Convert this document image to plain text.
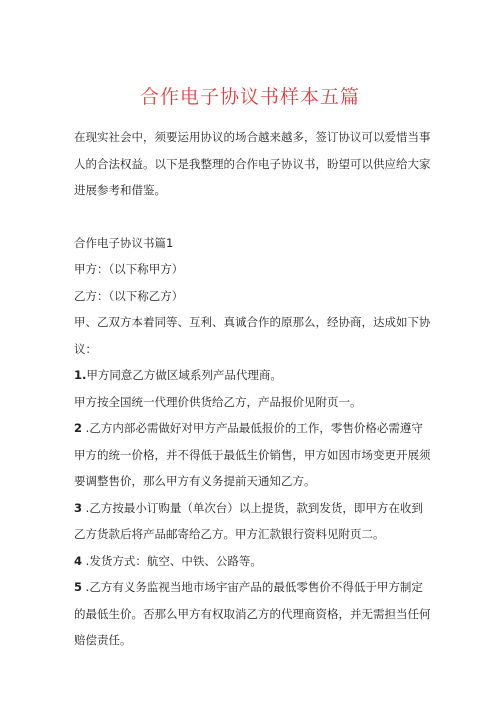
合作电子协议书样本五篇

在现实社会中，须要运用协议的场合越来越多，签订协议可以爱惜当事人的合法权益。以下是我整理的合作电子协议书，盼望可以供应给大家进展参考和借鉴。

合作电子协议书篇1

甲方：（以下称甲方）

乙方：（以下称乙方）

甲、乙双方本着同等、互利、真诚合作的原那么，经协商，达成如下协议：

1.甲方同意乙方做区域系列产品代理商。

甲方按全国统一代理价供货给乙方，产品报价见附页一。

2 .乙方内部必需做好对甲方产品最低报价的工作，零售价格必需遵守甲方的统一价格，并不得低于最低生价销售，甲方如因市场变更开展须要调整售价，那么甲方有义务提前天通知乙方。

3 .乙方按最小订购量（单次台）以上提货，款到发货，即甲方在收到乙方货款后将产品邮寄给乙方。甲方汇款银行资料见附页二。

4 .发货方式：航空、中铁、公路等。

5 .乙方有义务监视当地市场宇宙产品的最低零售价不得低于甲方制定的最低生价。否那么甲方有权取消乙方的代理商资格，并无需担当任何赔偿责任。
